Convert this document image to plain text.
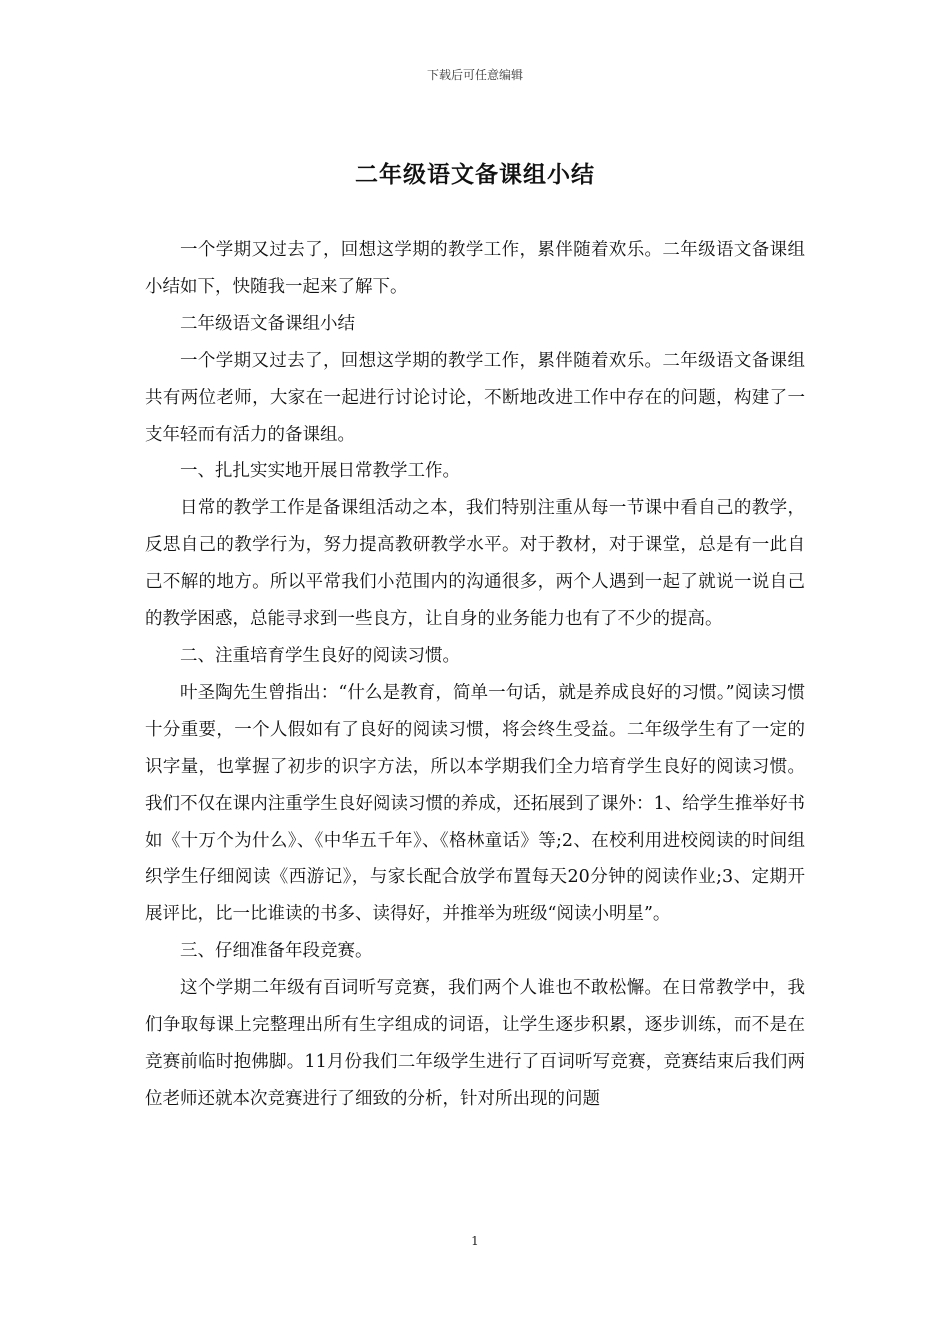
下载后可任意编辑
二年级语文备课组小结

一个学期又过去了，回想这学期的教学工作，累伴随着欢乐。二年级语文备课组小结如下，快随我一起来了解下。

二年级语文备课组小结

一个学期又过去了，回想这学期的教学工作，累伴随着欢乐。二年级语文备课组共有两位老师，大家在一起进行讨论讨论，不断地改进工作中存在的问题，构建了一支年轻而有活力的备课组。

一、扎扎实实地开展日常教学工作。

日常的教学工作是备课组活动之本，我们特别注重从每一节课中看自己的教学，反思自己的教学行为，努力提高教研教学水平。对于教材，对于课堂，总是有一此自己不解的地方。所以平常我们小范围内的沟通很多，两个人遇到一起了就说一说自己的教学困惑，总能寻求到一些良方，让自身的业务能力也有了不少的提高。

二、注重培育学生良好的阅读习惯。

叶圣陶先生曾指出：“什么是教育，简单一句话，就是养成良好的习惯。”阅读习惯十分重要，一个人假如有了良好的阅读习惯，将会终生受益。二年级学生有了一定的识字量，也掌握了初步的识字方法，所以本学期我们全力培育学生良好的阅读习惯。我们不仅在课内注重学生良好阅读习惯的养成，还拓展到了课外：1、给学生推举好书如《十万个为什么》、《中华五千年》、《格林童话》等;2、在校利用进校阅读的时间组织学生仔细阅读《西游记》，与家长配合放学布置每天20分钟的阅读作业;3、定期开展评比，比一比谁读的书多、读得好，并推举为班级“阅读小明星”。

三、仔细准备年段竞赛。

这个学期二年级有百词听写竞赛，我们两个人谁也不敢松懈。在日常教学中，我们争取每课上完整理出所有生字组成的词语，让学生逐步积累，逐步训练，而不是在竞赛前临时抱佛脚。11月份我们二年级学生进行了百词听写竞赛，竞赛结束后我们两位老师还就本次竞赛进行了细致的分析，针对所出现的问题

1
